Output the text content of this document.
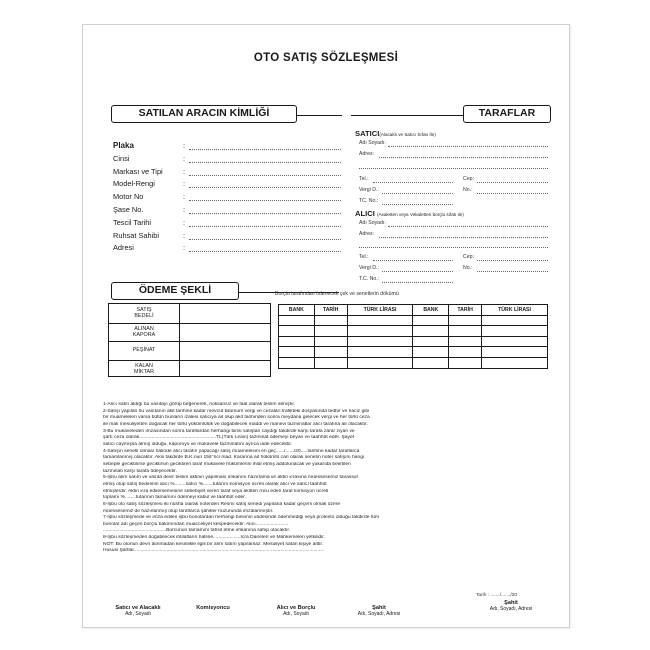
OTO SATIŞ SÖZLEŞMESİ
SATILAN ARACIN KİMLİĞİ
Plaka	:
Cinsi	:
Markası ve Tipi	:
Model-Rengi	:
Motor No	:
Şase No.	:
Tescil Tarihi	:
Ruhsat Sahibi	:
Adresi	:
TARAFLAR
SATICI(Alacaklı ve Satıcı Sıfatı İle)
Adı Soyadı:
Adres:
Tel.:	Cep:
Vergi D.:	No.:
TC. No.:
ALICI (Asaletten veya Vekaletten borçlu sıfatı ile)
Adı Soyadı:
Adres:
Tel.:	Cep:
Vergi D.:	No.:
T.C. No.:
ÖDEME ŞEKLİ
SATIŞ
BEDELİ
ALINAN
KAPORA
PEŞİNAT
KALAN
MİKTAR
Borçlu tarafından ödenecek çek ve senetlerin dökümü
BANK	TARİH	TÜRK LİRASI	BANK	TARİH	TÜRK LİRASI

1-Alıcı satın aldığı bu vasıtayı görüp beğenerek, noksansız ve faal olarak teslim almıştır.

2-Satışı yapılan bu vasıtanın akit tarihine kadar mevcut bilumum vergi ve cezaları trafikteki dosyasında tedbir ve haciz gibi

bir muameleleri varsa bütün bunların izalesi satıcıya ait olup akit tarihinden sonra meydana gelecek vergi ve her türlü ceza

ile mali mesuliyetten doğacak her türlü yükümlülük ve doğabilecek maddi ve manevi tazminatlar alıcı tarafına ait olacaktır.

3-Bu mukaveleden imzasından sonra taraflardan herhangi birisi satıştan caydığı takdirde karşı tarafa zarar ziyan ve

şartı ceza olarak........................................................TL(Türk Lirası) tazminat ödemeyi beyan ve taahhüt eder. Şayet

satıcı caymışsa almış olduğu, kaporoyu ve mukavele tazminatını ayrıca iade edecektir.

4-Satışın senetli olması halinde alıcı tarafın yapacağı satış muamelesini en geç....../....../20.....tarihine kadar taraflarca

tamamlanmış olacaktır. Aksi takdirde B.K.nun 156°nci mad. Kararına ait hükümlü cari olarak senetin noter satışını hangi

sebeple geciktirirse geciktirsin geciktiren taraf mukavele hükümlerini ihlal etmiş addolunacak ve yukarıda belirtilen

tazminatı karşı tarafa ödeyecektir.

5-İşbu alım satım ve vasıta devir teslim aktinin yapılması imkanını hazırlama ve aktin icrasına müessesemiz tavassuf

etmiş olup satış bedelinin alıcı %........satıcı %.......tutarını komisyon ücreti olarak alıcı ve satıcı taahhüt

etmişlerdir. Aktin icra edilememesine sebebiyet veren taraf veya akitten rücu eden taraf komisyon ücreti

toplamı %........tutarının tamamını ödemeyi kabul ve taahhüt eder.

6-İşbu oto satış sözleşmesi iki nüsha olarak noterden Resmi satış senedi yapılana kadar geçerli olmak üzere

müessesemiz de hazırlanmış olup taraflarca şahitler huzurunda imzalanmıştır.

7-İşbu sözleşmede ve imza edilen işbu bonolardan herhangi birisinin vadesinde ödenmediği veya protesto olduğu takdirde tüm

bonolar adı geçen borçlu bakımından muacceliyet kespedecektir. Alıcı........................

..............................................Borcunun tamamını tahsil etme imkanına sahip olacaktır.

8-İşbu sözleşmeden doğabilecek ihtilafların halline....................İcra Daireleri ve Mahkemeleri yetkilidir.

NOT: Bu otonun devri alınmadan kesinlikle ilgili bir alım satım yapılamaz. Mesuliyet satan kişiye aittir.

Hususi Şartlar...........................................................................................................................................

Tarih : ......./......./20
Satıcı ve Alacaklı
Adı, Soyadı
Komisyoncu	Alıcı ve Borçlu
Adı, Soyadı
Şahit
Adı, Soyadı, Adresi
Şahit
Adı, Soyadı, Adresi
